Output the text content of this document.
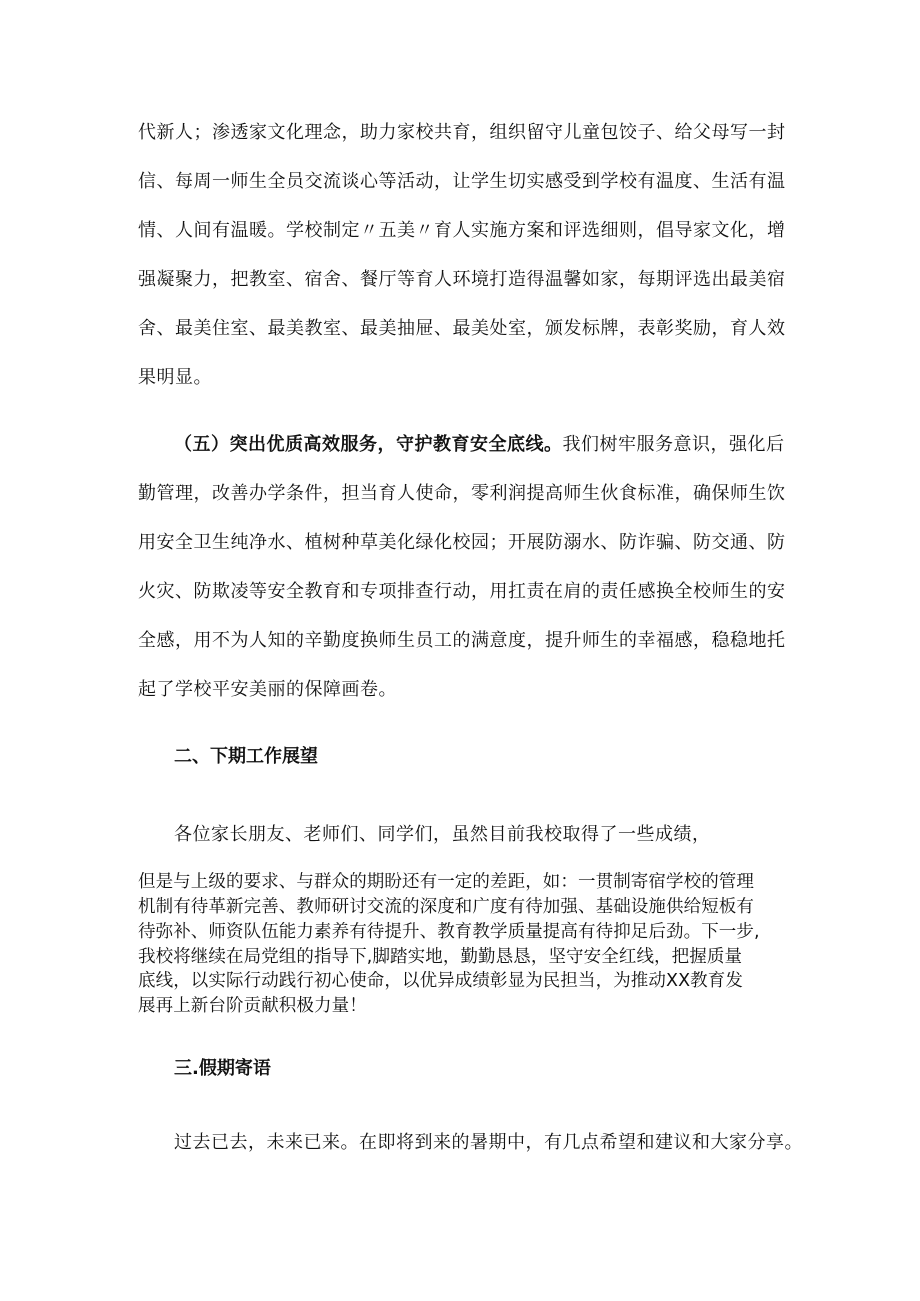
代新人；渗透家文化理念，助力家校共育，组织留守儿童包饺子、给父母写一封
信、每周一师生全员交流谈心等活动，让学生切实感受到学校有温度、生活有温
情、人间有温暖。学校制定〃五美〃育人实施方案和评选细则，倡导家文化，增
强凝聚力，把教室、宿舍、餐厅等育人环境打造得温馨如家，每期评选出最美宿
舍、最美住室、最美教室、最美抽屉、最美处室，颁发标牌，表彰奖励，育人效
果明显。
（五）突出优质高效服务，守护教育安全底线。我们树牢服务意识，强化后
勤管理，改善办学条件，担当育人使命，零利润提高师生伙食标准，确保师生饮
用安全卫生纯净水、植树种草美化绿化校园；开展防溺水、防诈骗、防交通、防
火灾、防欺凌等安全教育和专项排查行动，用扛责在肩的责任感换全校师生的安
全感，用不为人知的辛勤度换师生员工的满意度，提升师生的幸福感，稳稳地托
起了学校平安美丽的保障画卷。
二、下期工作展望
各位家长朋友、老师们、同学们，虽然目前我校取得了一些成绩，
但是与上级的要求、与群众的期盼还有一定的差距，如：一贯制寄宿学校的管理
机制有待革新完善、教师研讨交流的深度和广度有待加强、基础设施供给短板有
待弥补、师资队伍能力素养有待提升、教育教学质量提高有待抑足后劲。下一步,
我校将继续在局党组的指导下,脚踏实地，勤勤恳恳，坚守安全红线，把握质量
底线，以实际行动践行初心使命，以优异成绩彰显为民担当，为推动XX教育发
展再上新台阶贡献积极力量！
三.假期寄语
过去已去，未来已来。在即将到来的暑期中，有几点希望和建议和大家分享。
